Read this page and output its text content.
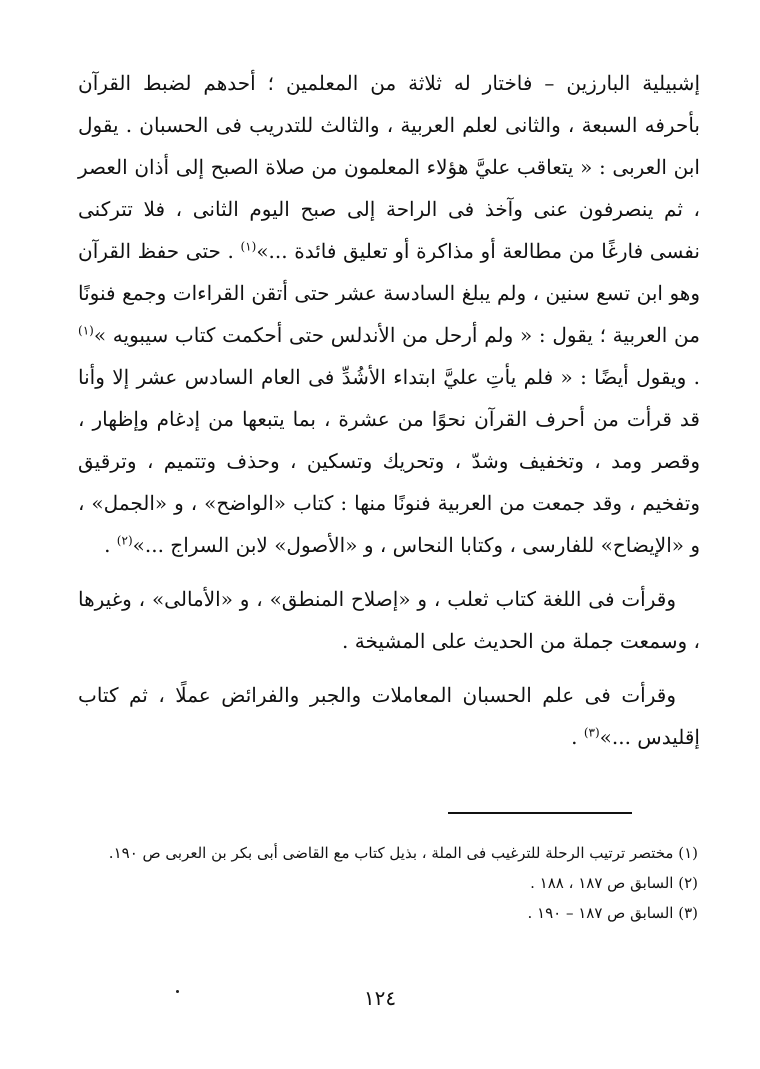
إشبيلية البارزين – فاختار له ثلاثة من المعلمين ؛ أحدهم لضبط القرآن بأحرفه السبعة ، والثانى لعلم العربية ، والثالث للتدريب فى الحسبان . يقول ابن العربى : « يتعاقب عليَّ هؤلاء المعلمون من صلاة الصبح إلى أذان العصر ، ثم ينصرفون عنى وآخذ فى الراحة إلى صبح اليوم الثانى ، فلا تتركنى نفسى فارغًا من مطالعة أو مذاكرة أو تعليق فائدة ...»$^{(١)}$ . حتى حفظ القرآن وهو ابن تسع سنين ، ولم يبلغ السادسة عشر حتى أتقن القراءات وجمع فنونًا من العربية ؛ يقول : « ولم أرحل من الأندلس حتى أحكمت كتاب سيبويه »$^{(١)}$ . ويقول أيضًا : « فلم يأتِ عليَّ ابتداء الأشُدِّ فى العام السادس عشر إلا وأنا قد قرأت من أحرف القرآن نحوًا من عشرة ، بما يتبعها من إدغام وإظهار ، وقصر ومد ، وتخفيف وشدّ ، وتحريك وتسكين ، وحذف وتتميم ، وترقيق وتفخيم ، وقد جمعت من العربية فنونًا منها : كتاب «الواضح» ، و «الجمل» ، و «الإيضاح» للفارسى ، وكتابا النحاس ، و «الأصول» لابن السراج ...»$^{(٢)}$ .

وقرأت فى اللغة كتاب ثعلب ، و «إصلاح المنطق» ، و «الأمالى» ، وغيرها ، وسمعت جملة من الحديث على المشيخة .

وقرأت فى علم الحسبان المعاملات والجبر والفرائض عملًا ، ثم كتاب إقليدس ...»$^{(٣)}$ .

(١) مختصر ترتيب الرحلة للترغيب فى الملة ، بذيل كتاب مع القاضى أبى بكر بن العربى ص ١٩٠.

(٢) السابق ص ١٨٧ ، ١٨٨ .

(٣) السابق ص ١٨٧ – ١٩٠ .

١٢٤
